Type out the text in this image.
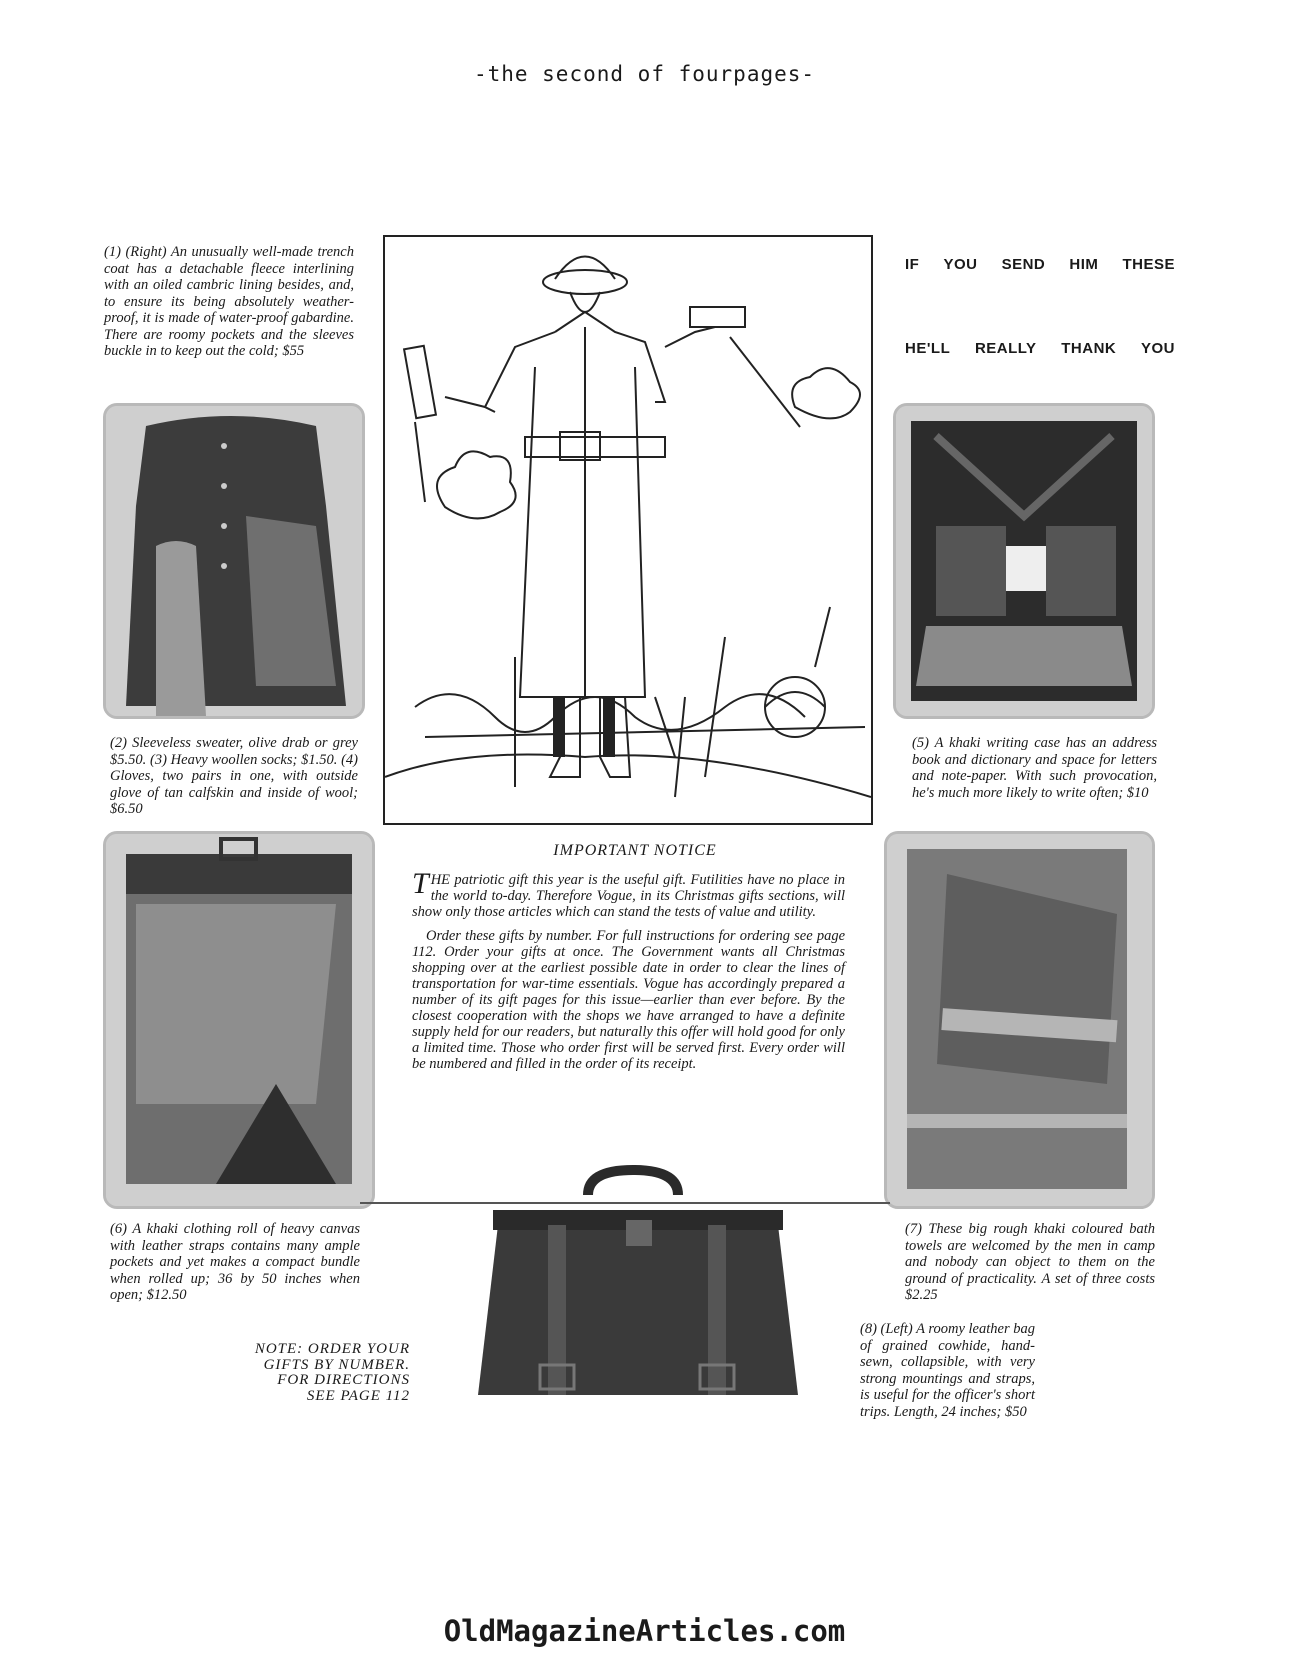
-the second of fourpages-
(1) (Right) An unusually well-made trench coat has a detachable fleece interlining with an oiled cambric lining besides, and, to ensure its being absolutely weather-proof, it is made of water-proof gabardine. There are roomy pockets and the sleeves buckle in to keep out the cold; $55
IF YOU SEND HIM THESE
HE'LL REALLY THANK YOU
(2) Sleeveless sweater, olive drab or grey $5.50. (3) Heavy woollen socks; $1.50. (4) Gloves, two pairs in one, with outside glove of tan calfskin and inside of wool; $6.50
(5) A khaki writing case has an address book and dictionary and space for letters and note-paper. With such provocation, he's much more likely to write often; $10
(6) A khaki clothing roll of heavy canvas with leather straps contains many ample pockets and yet makes a compact bundle when rolled up; 36 by 50 inches when open; $12.50
(7) These big rough khaki coloured bath towels are welcomed by the men in camp and nobody can object to them on the ground of practicality. A set of three costs $2.25
IMPORTANT NOTICE

THE patriotic gift this year is the useful gift. Futilities have no place in the world to-day. Therefore Vogue, in its Christmas gifts sections, will show only those articles which can stand the tests of value and utility.

Order these gifts by number. For full instructions for ordering see page 112. Order your gifts at once. The Government wants all Christmas shopping over at the earliest possible date in order to clear the lines of transportation for war-time essentials. Vogue has accordingly prepared a number of its gift pages for this issue—earlier than ever before. By the closest cooperation with the shops we have arranged to have a definite supply held for our readers, but naturally this offer will hold good for only a limited time. Those who order first will be served first. Every order will be numbered and filled in the order of its receipt.

NOTE: ORDER YOUR
GIFTS BY NUMBER.
FOR DIRECTIONS
SEE PAGE 112
(8) (Left) A roomy leather bag of grained cowhide, hand-sewn, collapsible, with very strong mountings and straps, is useful for the officer's short trips. Length, 24 inches; $50
OldMagazineArticles.com
